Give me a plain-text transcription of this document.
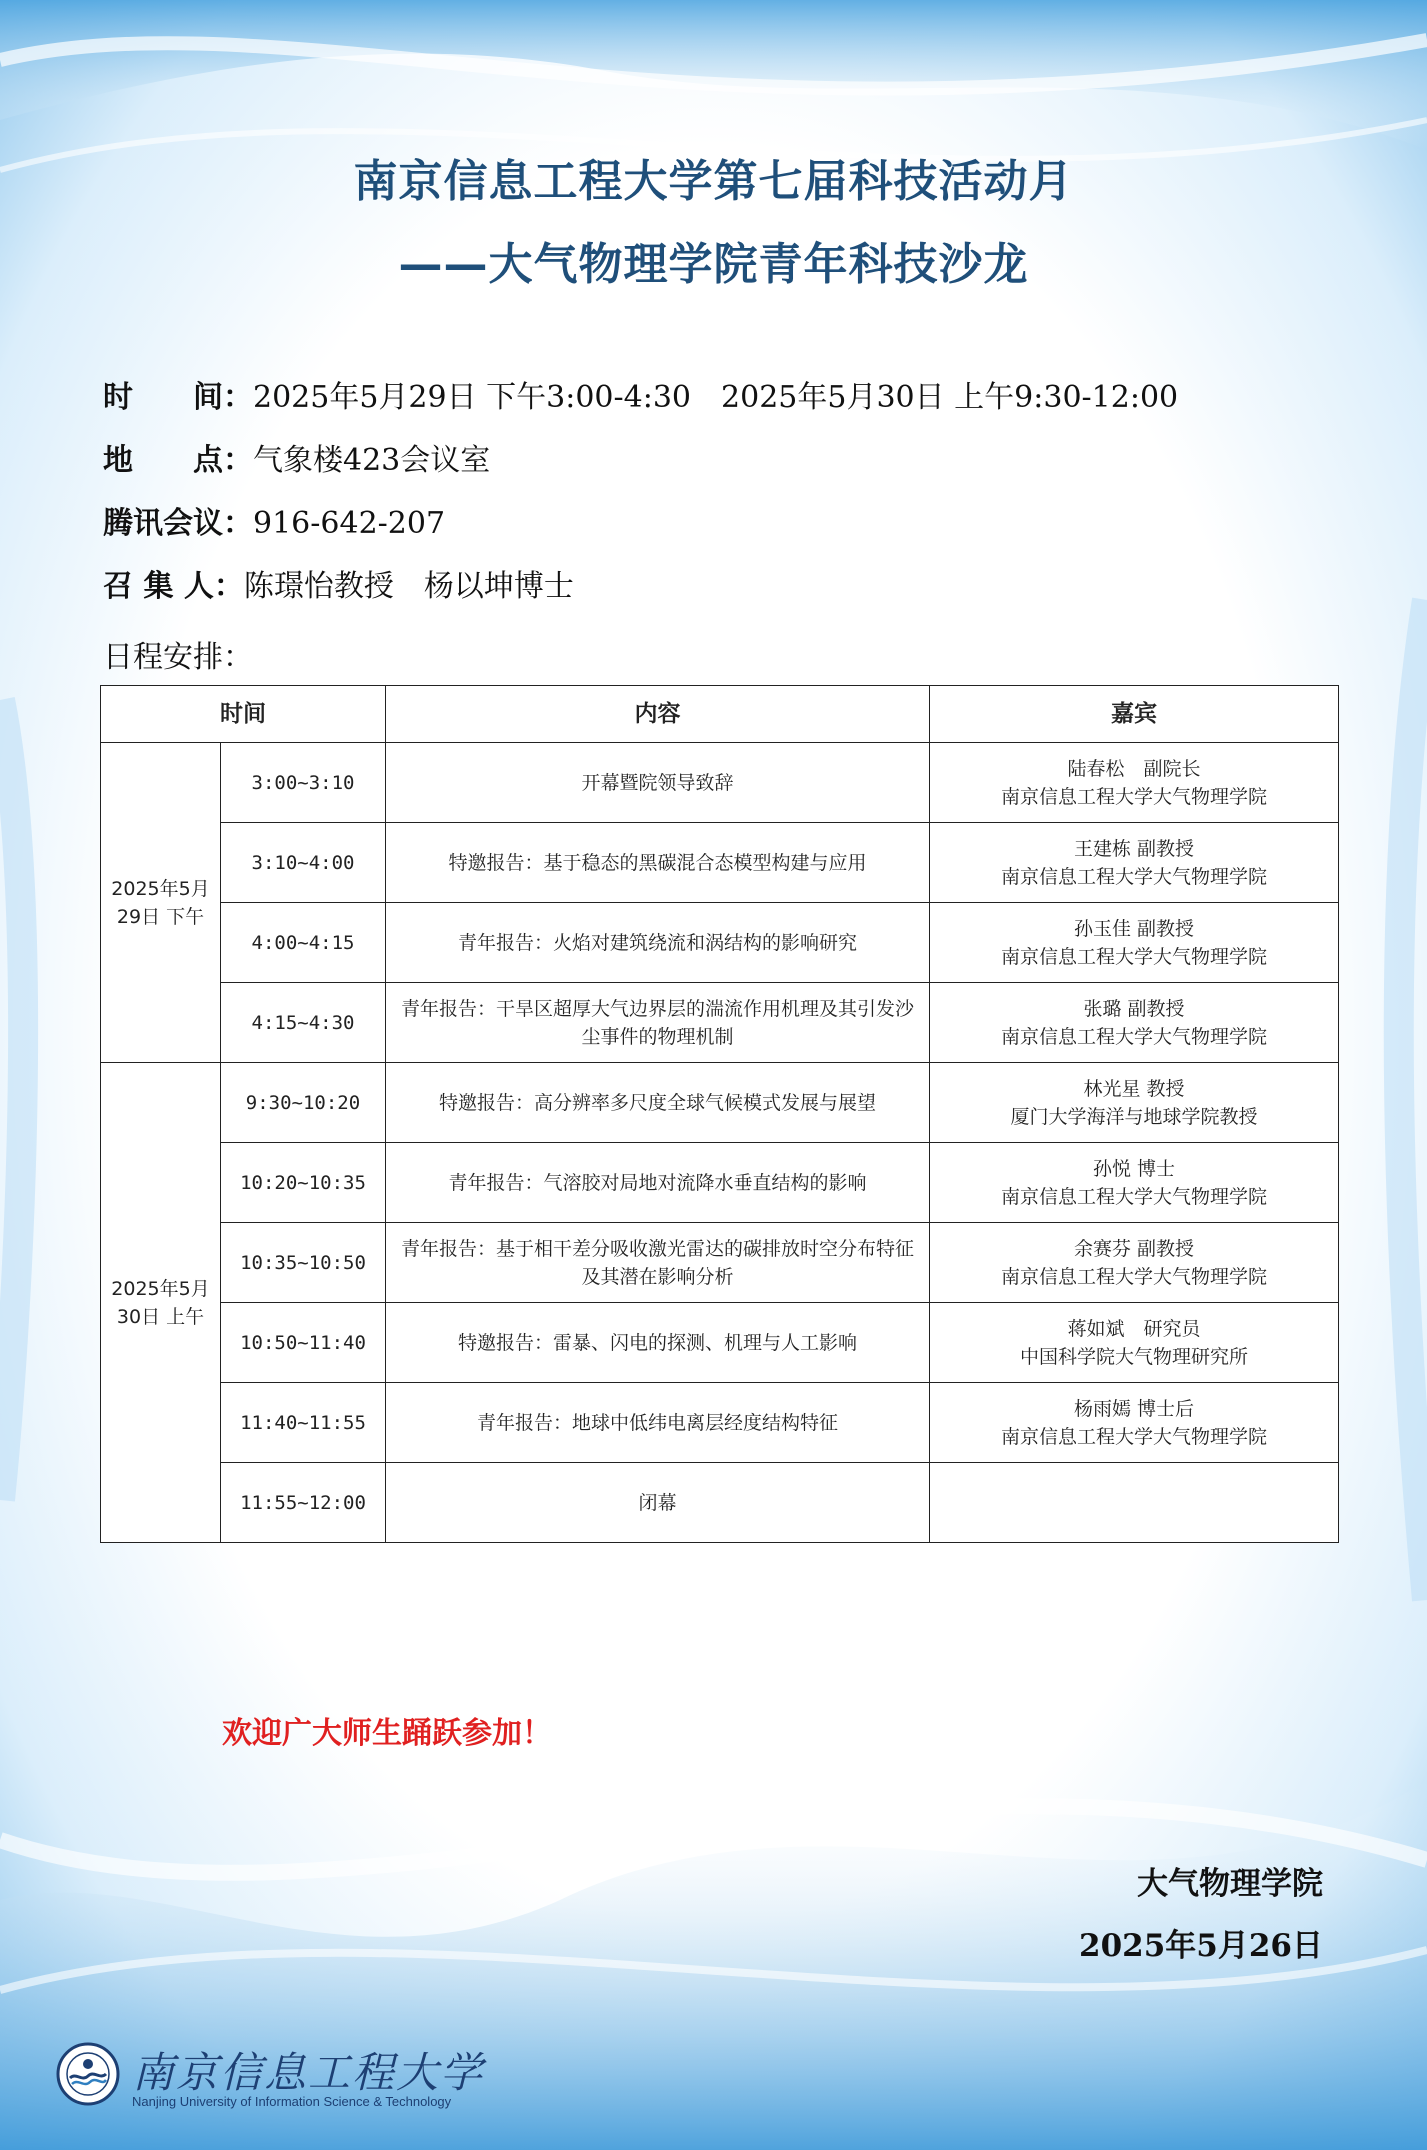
南京信息工程大学第七届科技活动月
——大气物理学院青年科技沙龙
时　　间：2025年5月29日 下午3:00-4:30 2025年5月30日 上午9:30-12:00
地　　点：气象楼423会议室
腾讯会议：916-642-207
召 集 人：陈璟怡教授　杨以坤博士
日程安排：
时间		内容	嘉宾
2025年5月29日 下午	3:00~3:10	开幕暨院领导致辞	陆春松　副院长
南京信息工程大学大气物理学院

	3:10~4:00	特邀报告：基于稳态的黑碳混合态模型构建与应用	王建栋 副教授
南京信息工程大学大气物理学院

	4:00~4:15	青年报告：火焰对建筑绕流和涡结构的影响研究	孙玉佳 副教授
南京信息工程大学大气物理学院

	4:15~4:30	青年报告：干旱区超厚大气边界层的湍流作用机理及其引发沙尘事件的物理机制	张璐 副教授
南京信息工程大学大气物理学院

2025年5月30日 上午	9:30~10:20	特邀报告：高分辨率多尺度全球气候模式发展与展望	林光星 教授
厦门大学海洋与地球学院教授

	10:20~10:35	青年报告：气溶胶对局地对流降水垂直结构的影响	孙悦 博士
南京信息工程大学大气物理学院

	10:35~10:50	青年报告：基于相干差分吸收激光雷达的碳排放时空分布特征及其潜在影响分析	余赛芬 副教授
南京信息工程大学大气物理学院

	10:50~11:40	特邀报告：雷暴、闪电的探测、机理与人工影响	蒋如斌　研究员
中国科学院大气物理研究所

	11:40~11:55	青年报告：地球中低纬电离层经度结构特征	杨雨嫣 博士后
南京信息工程大学大气物理学院

	11:55~12:00	闭幕	
欢迎广大师生踊跃参加！
大气物理学院
2025年5月26日
南京信息工程大学
Nanjing University of Information Science & Technology
